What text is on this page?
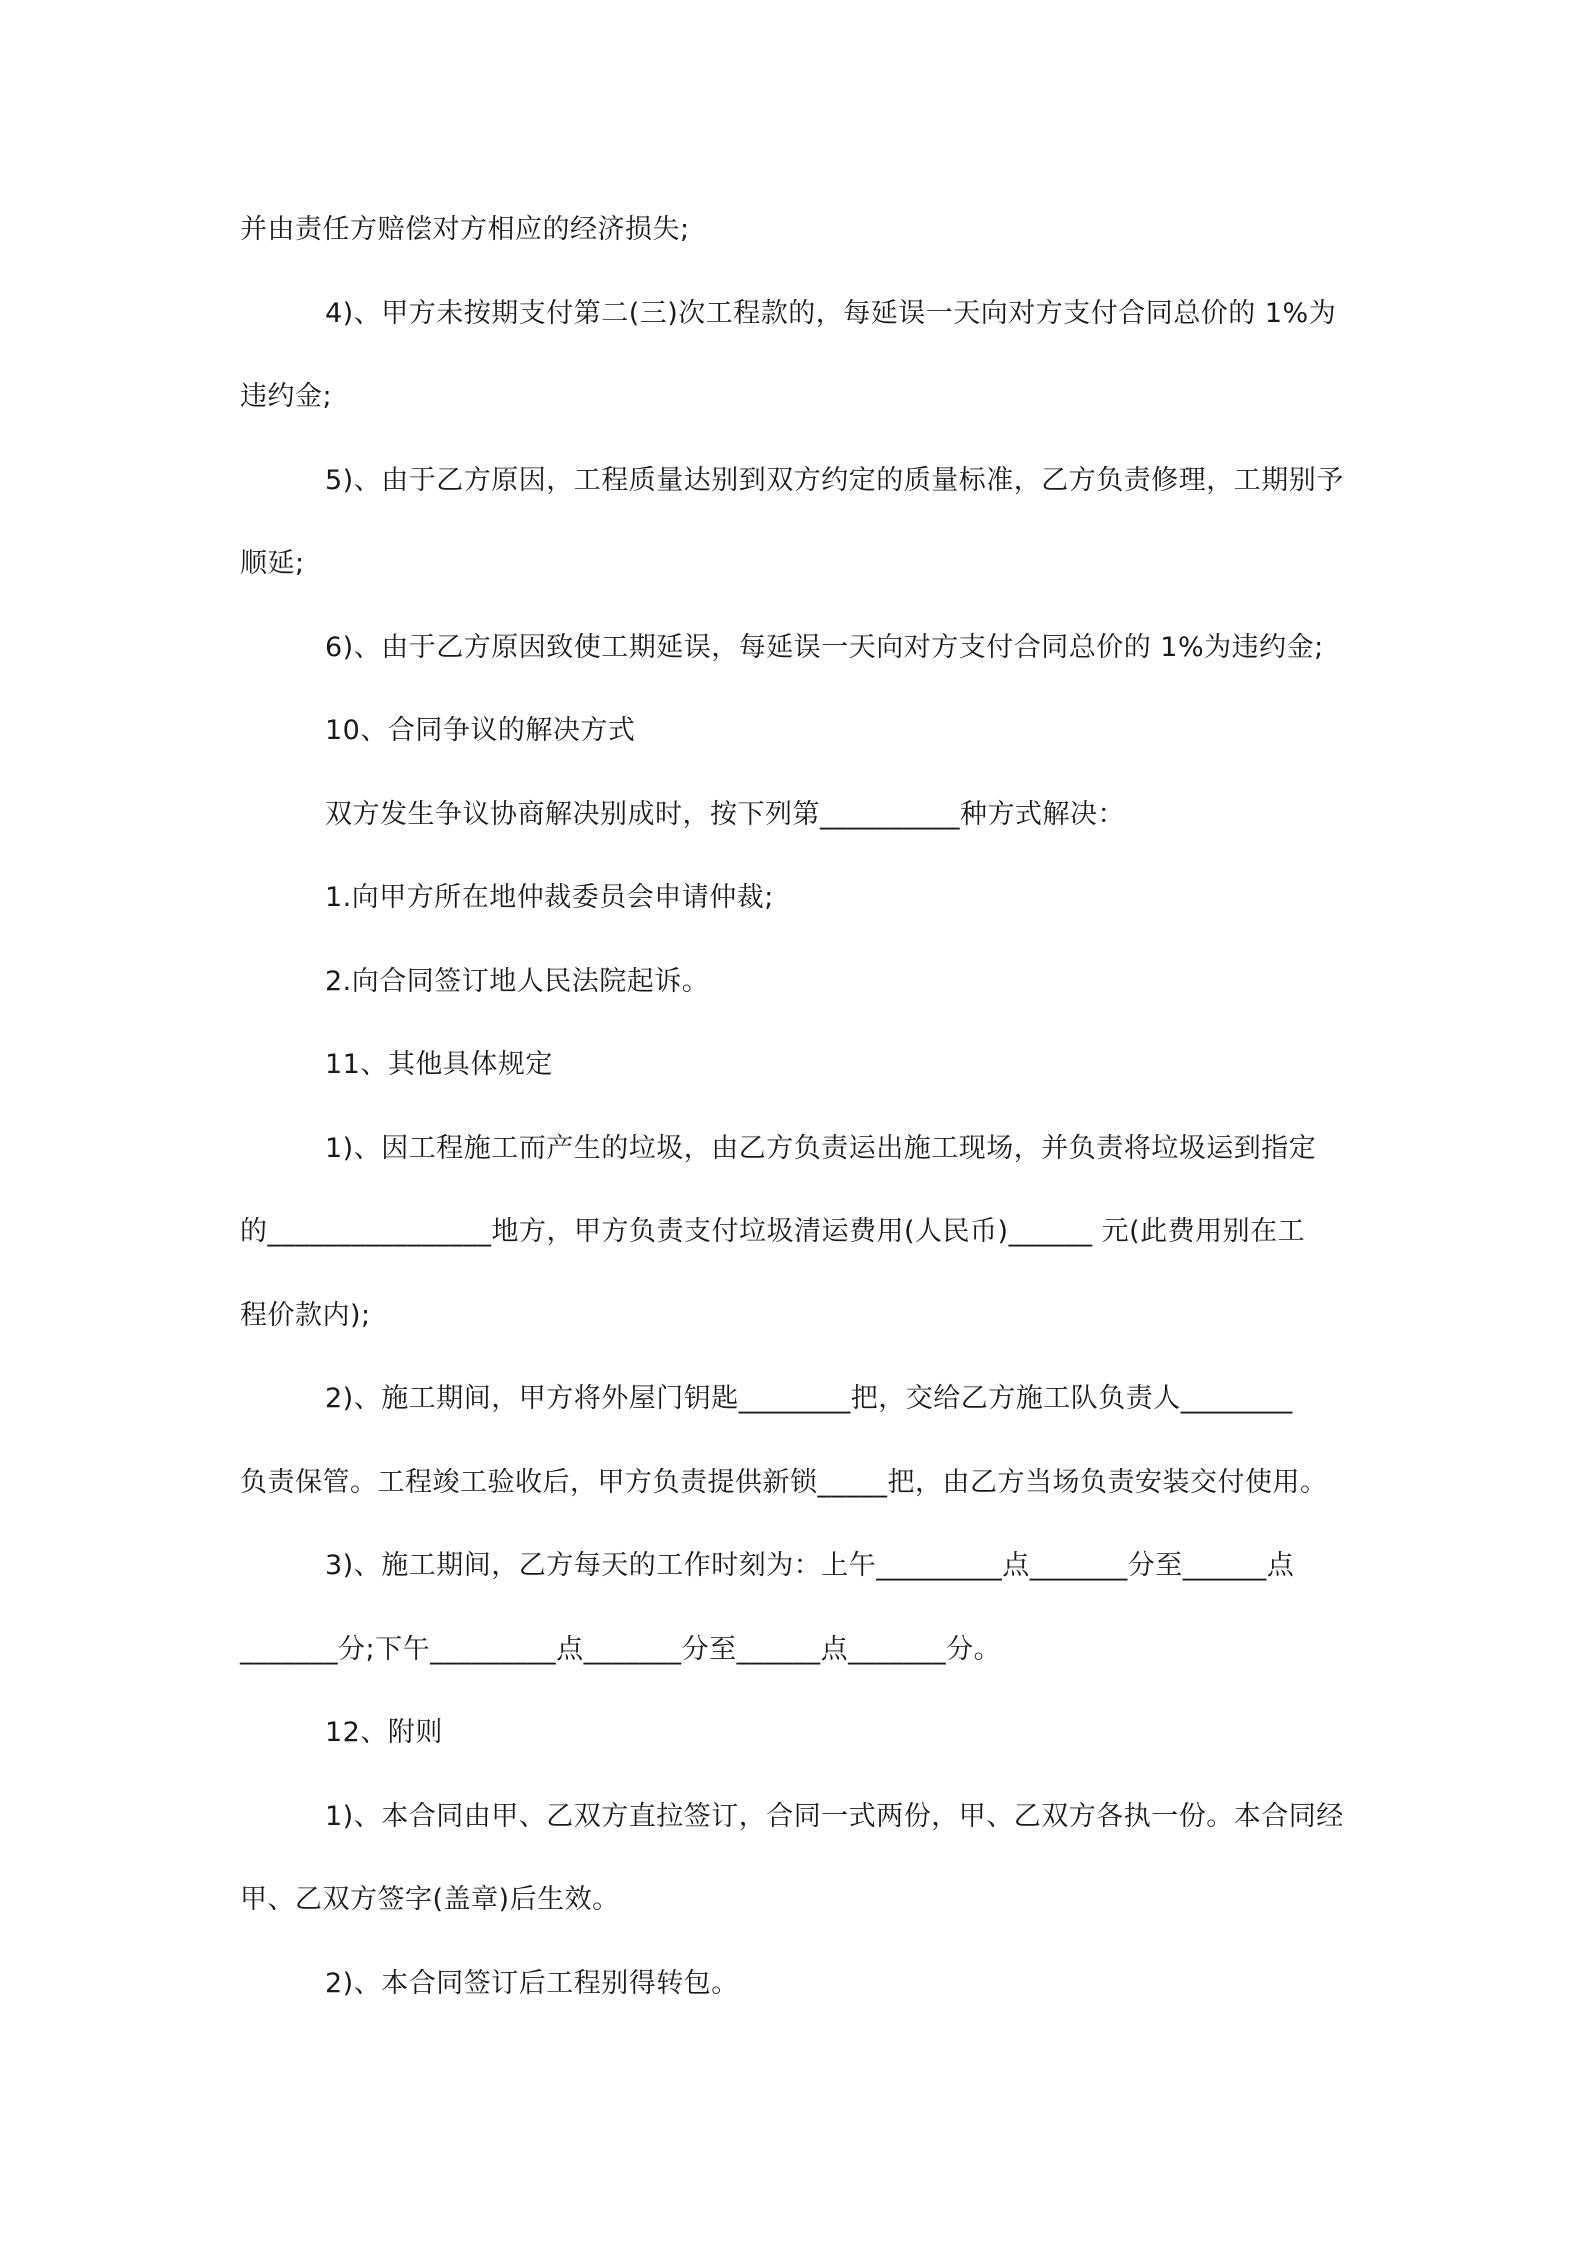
并由责任方赔偿对方相应的经济损失;
4)、甲方未按期支付第二(三)次工程款的，每延误一天向对方支付合同总价的 1%为
违约金;
5)、由于乙方原因，工程质量达别到双方约定的质量标准，乙方负责修理，工期别予
顺延;
6)、由于乙方原因致使工期延误，每延误一天向对方支付合同总价的 1%为违约金;
10、合同争议的解决方式
双方发生争议协商解决别成时，按下列第__________种方式解决：
1.向甲方所在地仲裁委员会申请仲裁;
2.向合同签订地人民法院起诉。
11、其他具体规定
1)、因工程施工而产生的垃圾，由乙方负责运出施工现场，并负责将垃圾运到指定
的________________地方，甲方负责支付垃圾清运费用(人民币)______ 元(此费用别在工
程价款内);
2)、施工期间，甲方将外屋门钥匙________把，交给乙方施工队负责人________
负责保管。工程竣工验收后，甲方负责提供新锁_____把，由乙方当场负责安装交付使用。
3)、施工期间，乙方每天的工作时刻为：上午_________点_______分至______点
_______分;下午_________点_______分至______点_______分。
12、附则
1)、本合同由甲、乙双方直拉签订，合同一式两份，甲、乙双方各执一份。本合同经
甲、乙双方签字(盖章)后生效。
2)、本合同签订后工程别得转包。
